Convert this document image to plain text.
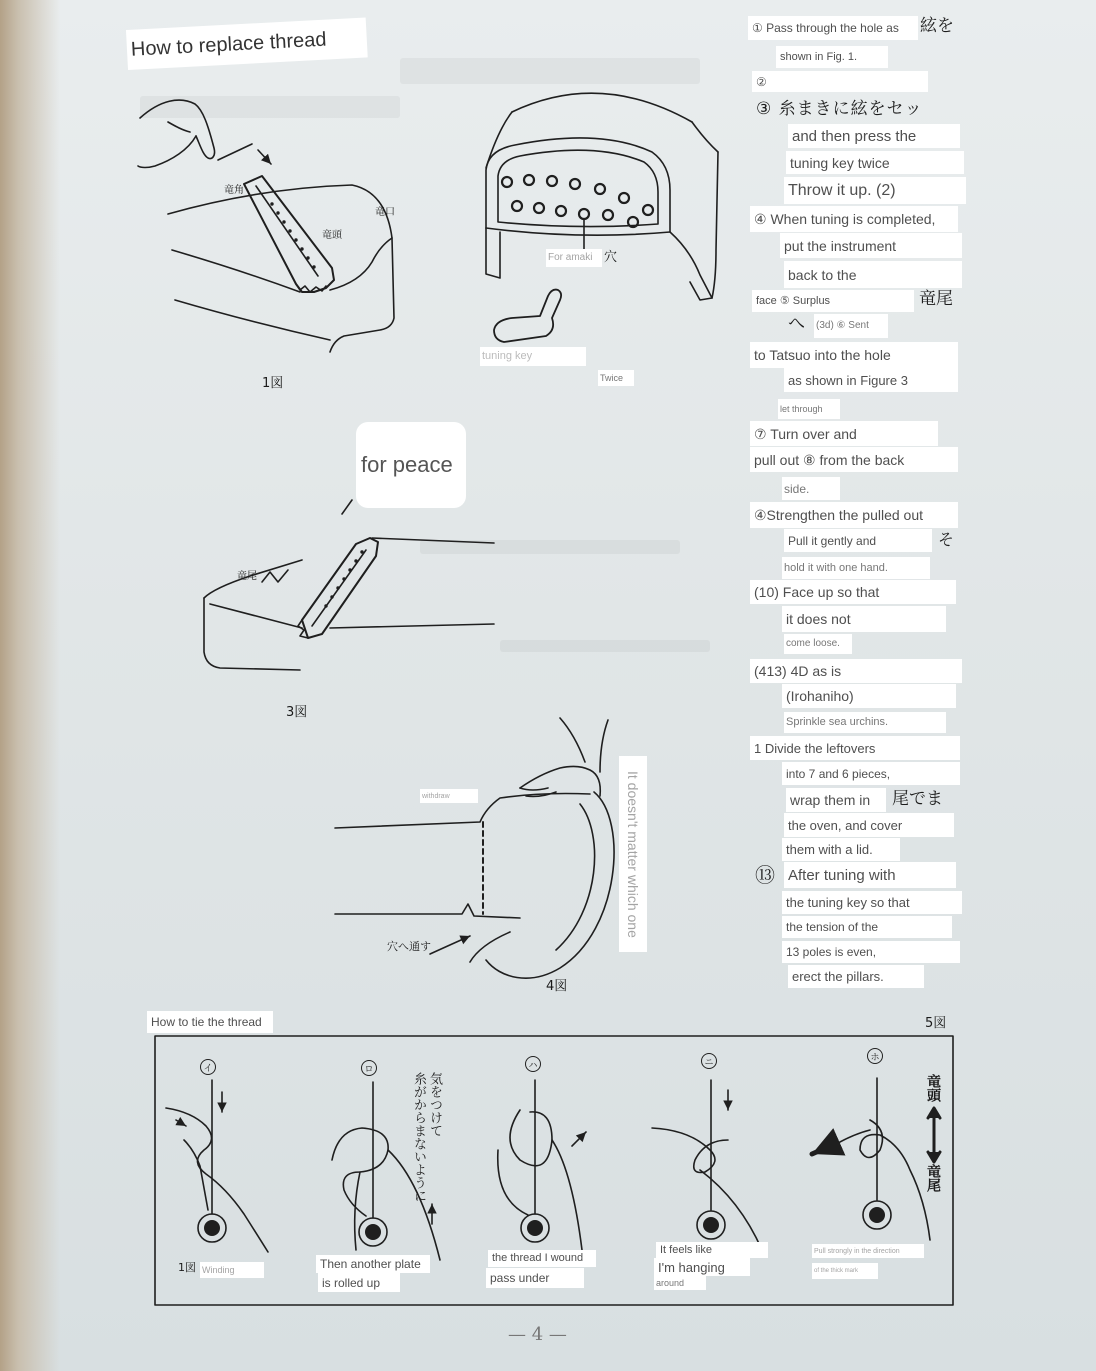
How to replace thread
竜角
竜頭
竜口
1図
For amaki 穴
tuning key
Twice
for peace
竜尾
3図
withdraw	It doesn't matter which one
穴へ通す
4図
① Pass through the hole as	絃を
shown in Fig. 1.
②
③ 糸まきに絃をセッ
and then press the
tuning key twice
Throw it up. (2)
④ When tuning is completed,
put the instrument
back to the
face ⑤ Surplus	竜尾
へ (3d) ⑥ Sent
to Tatsuo into the hole
as shown in Figure 3
let through
⑦ Turn over and
pull out ⑧ from the back
side.
④Strengthen the pulled out
Pull it gently and	そ
hold it with one hand.
(10) Face up so that
it does not
come loose.
(413) 4D as is
(Irohaniho)
Sprinkle sea urchins.
1 Divide the leftovers
into 7 and 6 pieces,
wrap them in	尾でま
the oven, and cover
them with a lid.
⑬ After tuning with
the tuning key so that
the tension of the
13 poles is even,
erect the pillars.
How to tie the thread	5図
イ	ロ	ハ	ニ	ホ
気をつけて
糸がからまないように	竜頭
竜尾
1図 Winding	Then another plate
is rolled up
the thread I wound
pass under
It feels like
I'm hanging
around
Pull strongly in the direction
of the thick mark
— 4 —
